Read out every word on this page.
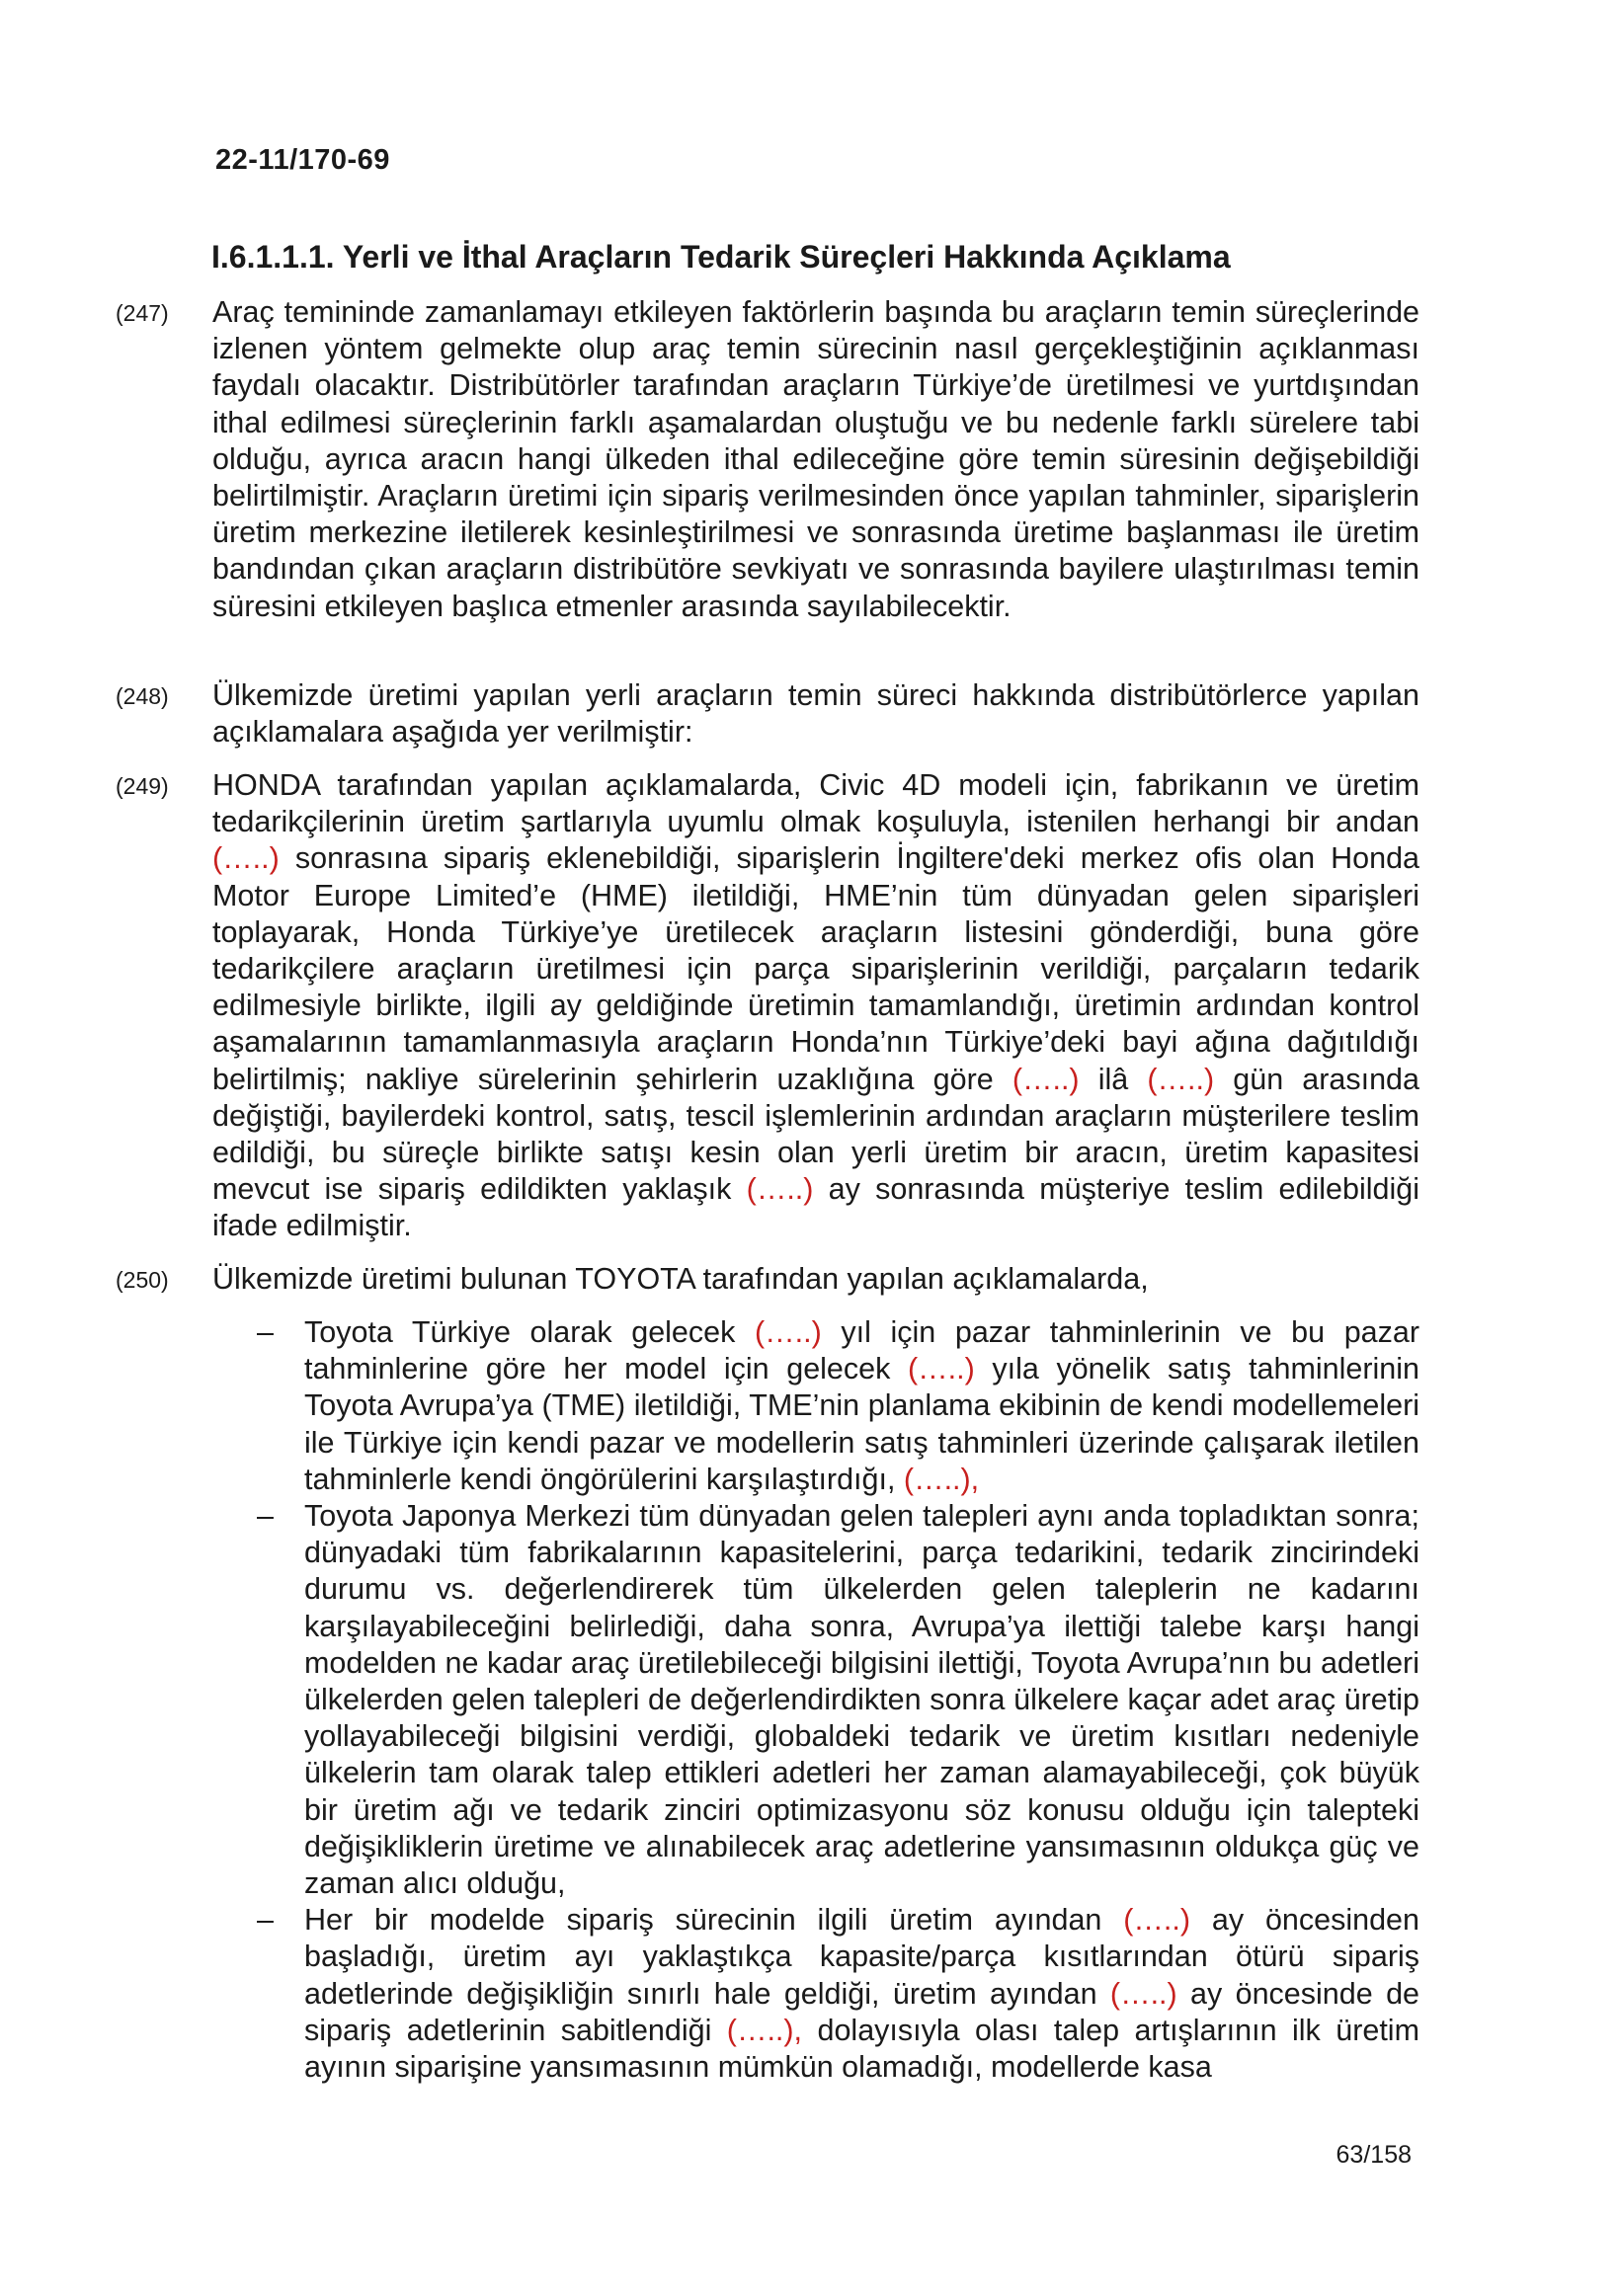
22-11/170-69
I.6.1.1.1. Yerli ve İthal Araçların Tedarik Süreçleri Hakkında Açıklama
(247) Araç temininde zamanlamayı etkileyen faktörlerin başında bu araçların temin süreçlerinde izlenen yöntem gelmekte olup araç temin sürecinin nasıl gerçekleştiğinin açıklanması faydalı olacaktır. Distribütörler tarafından araçların Türkiye’de üretilmesi ve yurtdışından ithal edilmesi süreçlerinin farklı aşamalardan oluştuğu ve bu nedenle farklı sürelere tabi olduğu, ayrıca aracın hangi ülkeden ithal edileceğine göre temin süresinin değişebildiği belirtilmiştir. Araçların üretimi için sipariş verilmesinden önce yapılan tahminler, siparişlerin üretim merkezine iletilerek kesinleştirilmesi ve sonrasında üretime başlanması ile üretim bandından çıkan araçların distribütöre sevkiyatı ve sonrasında bayilere ulaştırılması temin süresini etkileyen başlıca etmenler arasında sayılabilecektir.
(248) Ülkemizde üretimi yapılan yerli araçların temin süreci hakkında distribütörlerce yapılan açıklamalara aşağıda yer verilmiştir:
(249) HONDA tarafından yapılan açıklamalarda, Civic 4D modeli için, fabrikanın ve üretim tedarikçilerinin üretim şartlarıyla uyumlu olmak koşuluyla, istenilen herhangi bir andan (…..) sonrasına sipariş eklenebildiği, siparişlerin İngiltere'deki merkez ofis olan Honda Motor Europe Limited’e (HME) iletildiği, HME’nin tüm dünyadan gelen siparişleri toplayarak, Honda Türkiye’ye üretilecek araçların listesini gönderdiği, buna göre tedarikçilere araçların üretilmesi için parça siparişlerinin verildiği, parçaların tedarik edilmesiyle birlikte, ilgili ay geldiğinde üretimin tamamlandığı, üretimin ardından kontrol aşamalarının tamamlanmasıyla araçların Honda’nın Türkiye’deki bayi ağına dağıtıldığı belirtilmiş; nakliye sürelerinin şehirlerin uzaklığına göre (…..) ilâ (…..) gün arasında değiştiği, bayilerdeki kontrol, satış, tescil işlemlerinin ardından araçların müşterilere teslim edildiği, bu süreçle birlikte satışı kesin olan yerli üretim bir aracın, üretim kapasitesi mevcut ise sipariş edildikten yaklaşık (…..) ay sonrasında müşteriye teslim edilebildiği ifade edilmiştir.
(250) Ülkemizde üretimi bulunan TOYOTA tarafından yapılan açıklamalarda,
– Toyota Türkiye olarak gelecek (…..) yıl için pazar tahminlerinin ve bu pazar tahminlerine göre her model için gelecek (…..) yıla yönelik satış tahminlerinin Toyota Avrupa’ya (TME) iletildiği, TME’nin planlama ekibinin de kendi modellemeleri ile Türkiye için kendi pazar ve modellerin satış tahminleri üzerinde çalışarak iletilen tahminlerle kendi öngörülerini karşılaştırdığı, (…..),
– Toyota Japonya Merkezi tüm dünyadan gelen talepleri aynı anda topladıktan sonra; dünyadaki tüm fabrikalarının kapasitelerini, parça tedarikini, tedarik zincirindeki durumu vs. değerlendirerek tüm ülkelerden gelen taleplerin ne kadarını karşılayabileceğini belirlediği, daha sonra, Avrupa’ya ilettiği talebe karşı hangi modelden ne kadar araç üretilebileceği bilgisini ilettiği, Toyota Avrupa’nın bu adetleri ülkelerden gelen talepleri de değerlendirdikten sonra ülkelere kaçar adet araç üretip yollayabileceği bilgisini verdiği, globaldeki tedarik ve üretim kısıtları nedeniyle ülkelerin tam olarak talep ettikleri adetleri her zaman alamayabileceği, çok büyük bir üretim ağı ve tedarik zinciri optimizasyonu söz konusu olduğu için talepteki değişikliklerin üretime ve alınabilecek araç adetlerine yansımasının oldukça güç ve zaman alıcı olduğu,
– Her bir modelde sipariş sürecinin ilgili üretim ayından (…..) ay öncesinden başladığı, üretim ayı yaklaştıkça kapasite/parça kısıtlarından ötürü sipariş adetlerinde değişikliğin sınırlı hale geldiği, üretim ayından (…..) ay öncesinde de sipariş adetlerinin sabitlendiği (…..), dolayısıyla olası talep artışlarının ilk üretim ayının siparişine yansımasının mümkün olamadığı, modellerde kasa
63/158
